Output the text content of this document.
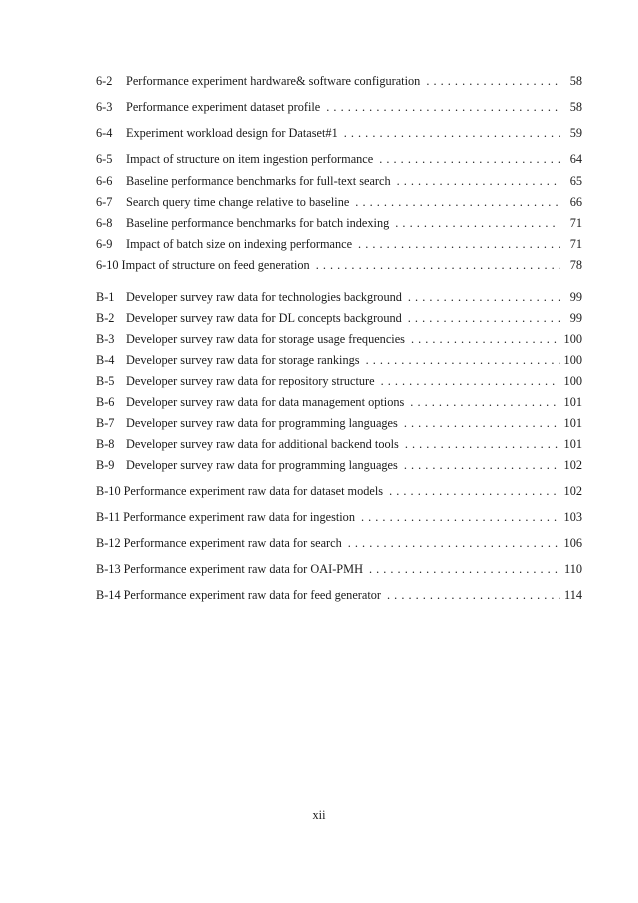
6-2	Performance experiment hardware& software configuration . . .	58
6-3	Performance experiment dataset profile . . .	58
6-4	Experiment workload design for Dataset#1 . . .	59
6-5	Impact of structure on item ingestion performance . . .	64
6-6	Baseline performance benchmarks for full-text search . . .	65
6-7	Search query time change relative to baseline . . .	66
6-8	Baseline performance benchmarks for batch indexing . . .	71
6-9	Impact of batch size on indexing performance . . .	71
6-10 Impact of structure on feed generation . . .	78
B-1 Developer survey raw data for technologies background . . .	99
B-2 Developer survey raw data for DL concepts background . . .	99
B-3 Developer survey raw data for storage usage frequencies . . .	100
B-4 Developer survey raw data for storage rankings . . .	100
B-5 Developer survey raw data for repository structure . . .	100
B-6 Developer survey raw data for data management options . . .	101
B-7 Developer survey raw data for programming languages . . .	101
B-8 Developer survey raw data for additional backend tools . . .	101
B-9 Developer survey raw data for programming languages . . .	102
B-10 Performance experiment raw data for dataset models . . .	102
B-11 Performance experiment raw data for ingestion . . .	103
B-12 Performance experiment raw data for search . . .	106
B-13 Performance experiment raw data for OAI-PMH . . .	110
B-14 Performance experiment raw data for feed generator . . .	114
xii
